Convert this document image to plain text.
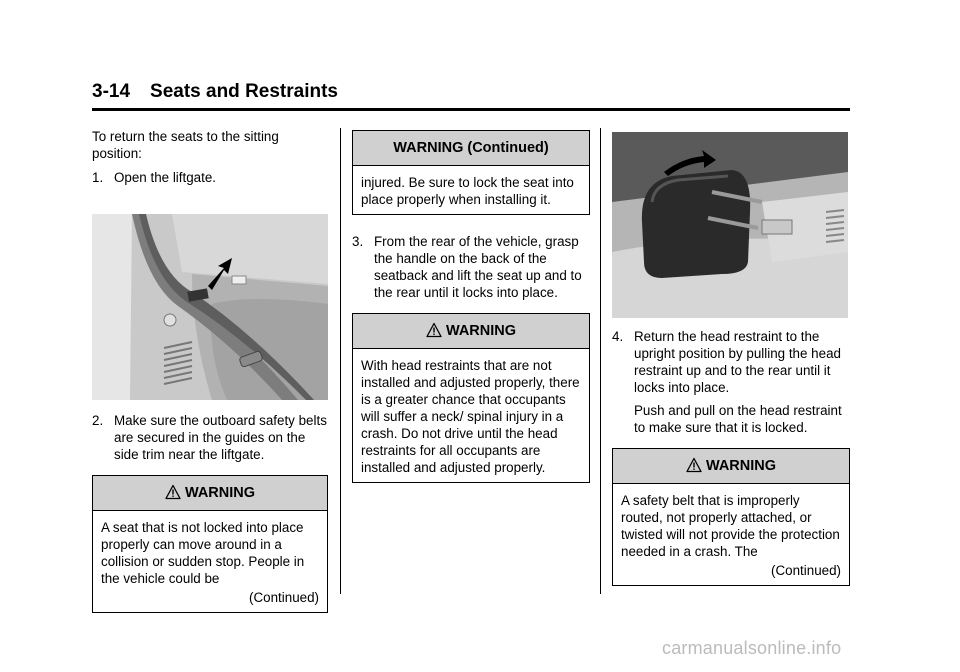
3-14 Seats and Restraints

To return the seats to the sitting position:

1. Open the liftgate.
2. Make sure the outboard safety belts are secured in the guides on the side trim near the liftgate.
WARNING

A seat that is not locked into place properly can move around in a collision or sudden stop. People in the vehicle could be

(Continued)

WARNING (Continued)

injured. Be sure to lock the seat into place properly when installing it.

3. From the rear of the vehicle, grasp the handle on the back of the seatback and lift the seat up and to the rear until it locks into place.
WARNING

With head restraints that are not installed and adjusted properly, there is a greater chance that occupants will suffer a neck/ spinal injury in a crash. Do not drive until the head restraints for all occupants are installed and adjusted properly.

4. Return the head restraint to the upright position by pulling the head restraint up and to the rear until it locks into place.

Push and pull on the head restraint to make sure that it is locked.

WARNING

A safety belt that is improperly routed, not properly attached, or twisted will not provide the protection needed in a crash. The

(Continued)

carmanualsonline.info
